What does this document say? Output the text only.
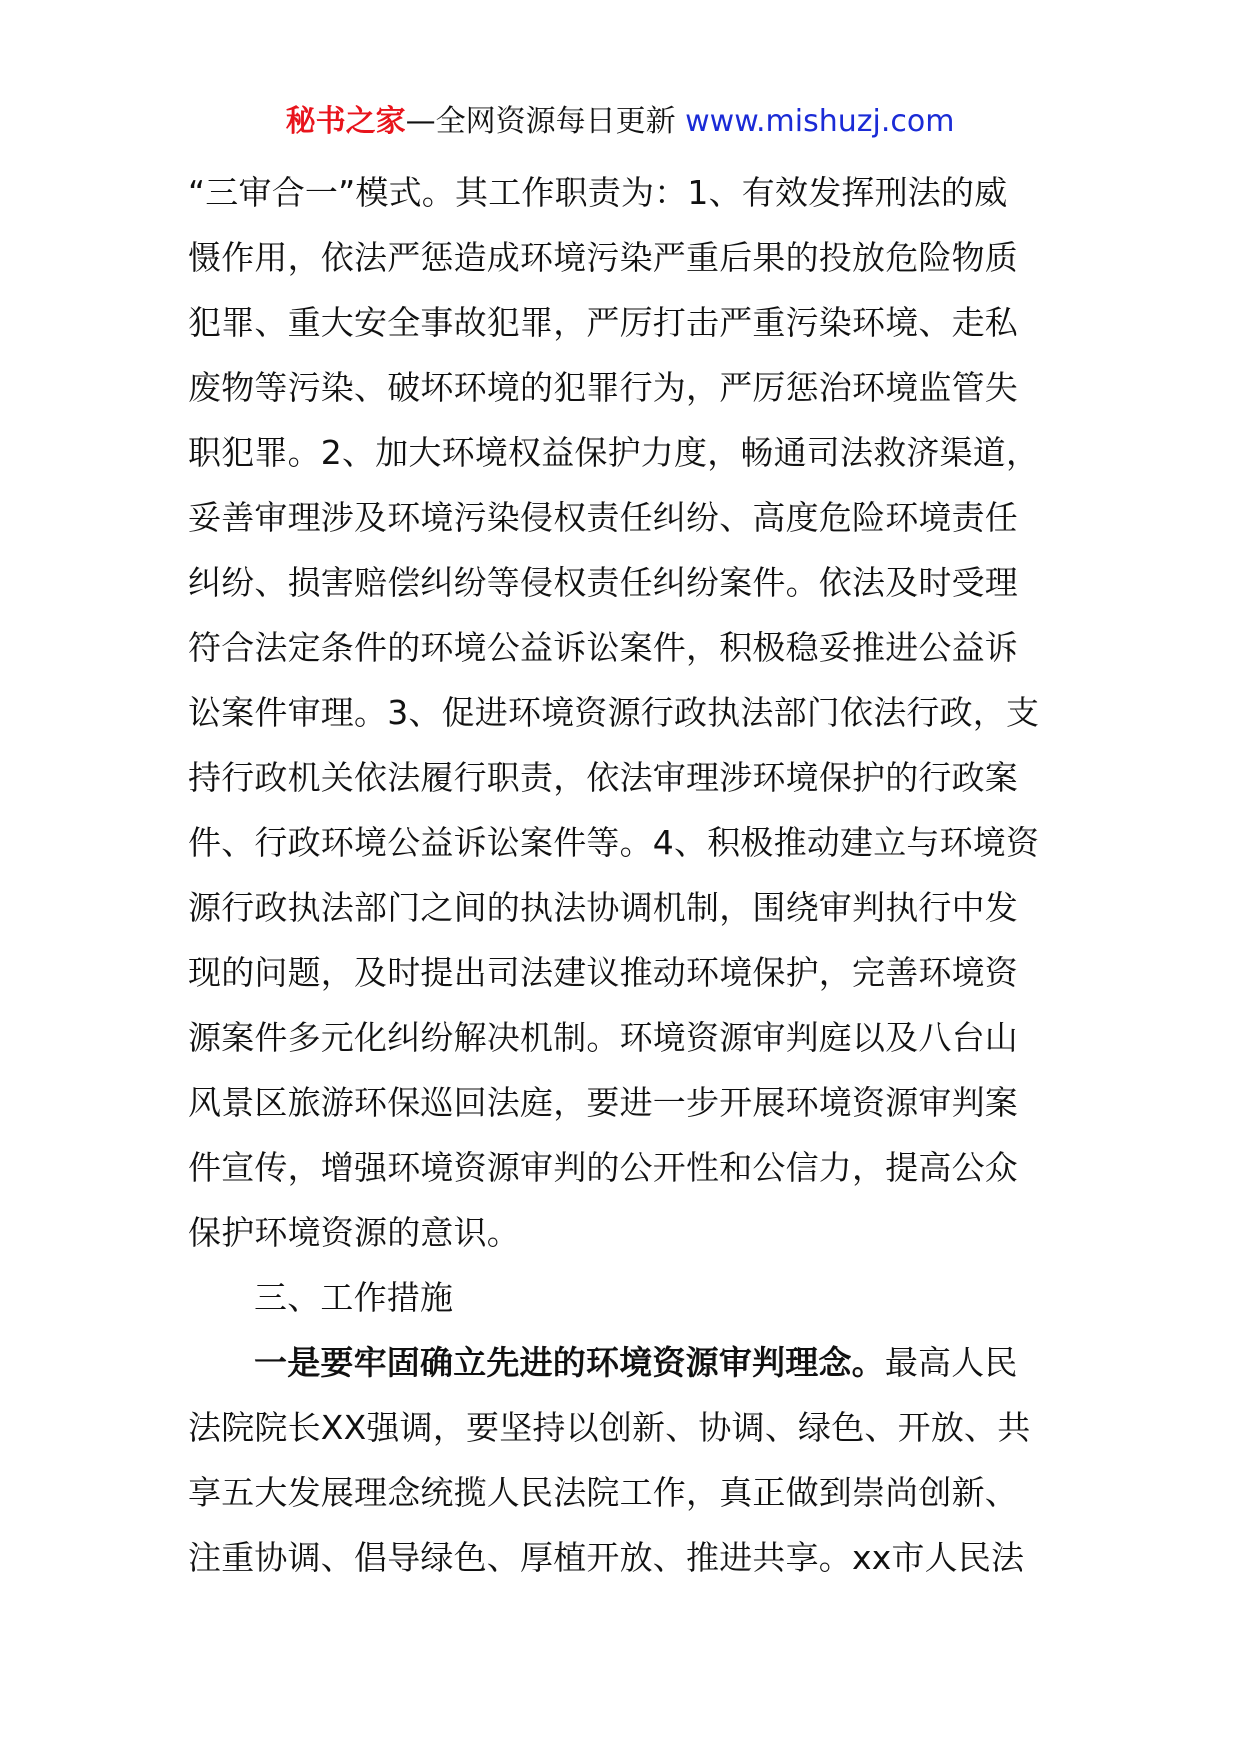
秘书之家—全网资源每日更新 www.mishuzj.com
“三审合一”模式。其工作职责为：1、有效发挥刑法的威
慑作用，依法严惩造成环境污染严重后果的投放危险物质
犯罪、重大安全事故犯罪，严厉打击严重污染环境、走私
废物等污染、破坏环境的犯罪行为，严厉惩治环境监管失
职犯罪。2、加大环境权益保护力度，畅通司法救济渠道，
妥善审理涉及环境污染侵权责任纠纷、高度危险环境责任
纠纷、损害赔偿纠纷等侵权责任纠纷案件。依法及时受理
符合法定条件的环境公益诉讼案件，积极稳妥推进公益诉
讼案件审理。3、促进环境资源行政执法部门依法行政，支
持行政机关依法履行职责，依法审理涉环境保护的行政案
件、行政环境公益诉讼案件等。4、积极推动建立与环境资
源行政执法部门之间的执法协调机制，围绕审判执行中发
现的问题，及时提出司法建议推动环境保护，完善环境资
源案件多元化纠纷解决机制。环境资源审判庭以及八台山
风景区旅游环保巡回法庭，要进一步开展环境资源审判案
件宣传，增强环境资源审判的公开性和公信力，提高公众
保护环境资源的意识。
三、工作措施
一是要牢固确立先进的环境资源审判理念。最高人民
法院院长XX强调，要坚持以创新、协调、绿色、开放、共
享五大发展理念统揽人民法院工作，真正做到崇尚创新、
注重协调、倡导绿色、厚植开放、推进共享。xx市人民法
